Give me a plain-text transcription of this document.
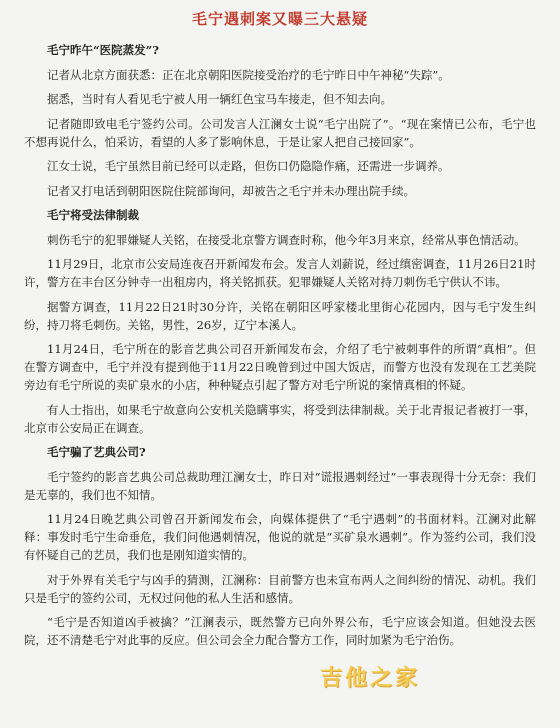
毛宁遇刺案又曝三大悬疑

毛宁昨午“医院蒸发”?

记者从北京方面获悉：正在北京朝阳医院接受治疗的毛宁昨日中午神秘“失踪”。

据悉，当时有人看见毛宁被人用一辆红色宝马车接走，但不知去向。

记者随即致电毛宁签约公司。公司发言人江澜女士说“毛宁出院了”。“现在案情已公布，毛宁也不想再说什么，怕采访，看望的人多了影响休息，于是让家人把自己接回家”。

江女士说，毛宁虽然目前已经可以走路，但伤口仍隐隐作痛，还需进一步调养。

记者又打电话到朝阳医院住院部询问，却被告之毛宁并未办理出院手续。

毛宁将受法律制裁

刺伤毛宁的犯罪嫌疑人关铭，在接受北京警方调查时称，他今年3月来京，经常从事色情活动。

11月29日，北京市公安局连夜召开新闻发布会。发言人刘薪说，经过缜密调查，11月26日21时许，警方在丰台区分钟寺一出租房内，将关铭抓获。犯罪嫌疑人关铭对持刀刺伤毛宁供认不讳。

据警方调查，11月22日21时30分许，关铭在朝阳区呼家楼北里街心花园内，因与毛宁发生纠纷，持刀将毛刺伤。关铭，男性，26岁，辽宁本溪人。

11月24日，毛宁所在的影音艺典公司召开新闻发布会，介绍了毛宁被刺事件的所谓“真相”。但在警方调查中，毛宁并没有提到他于11月22日晚曾到过中国大饭店，而警方也没有发现在工艺美院旁边有毛宁所说的卖矿泉水的小店，种种疑点引起了警方对毛宁所说的案情真相的怀疑。

有人士指出，如果毛宁故意向公安机关隐瞒事实，将受到法律制裁。关于北青报记者被打一事，北京市公安局正在调查。

毛宁骗了艺典公司?

毛宁签约的影音艺典公司总裁助理江澜女士，昨日对“谎报遇刺经过”一事表现得十分无奈：我们是无辜的，我们也不知情。

11月24日晚艺典公司曾召开新闻发布会，向媒体提供了“毛宁遇刺”的书面材料。江澜对此解释：事发时毛宁生命垂危，我们问他遇刺情况，他说的就是“买矿泉水遇刺”。作为签约公司，我们没有怀疑自己的艺员，我们也是刚知道实情的。

对于外界有关毛宁与凶手的猜测，江澜称：目前警方也未宣布两人之间纠纷的情况、动机。我们只是毛宁的签约公司，无权过问他的私人生活和感情。

“毛宁是否知道凶手被擒？”江澜表示，既然警方已向外界公布，毛宁应该会知道。但她没去医院，还不清楚毛宁对此事的反应。但公司会全力配合警方工作，同时加紧为毛宁治伤。

吉他之家
